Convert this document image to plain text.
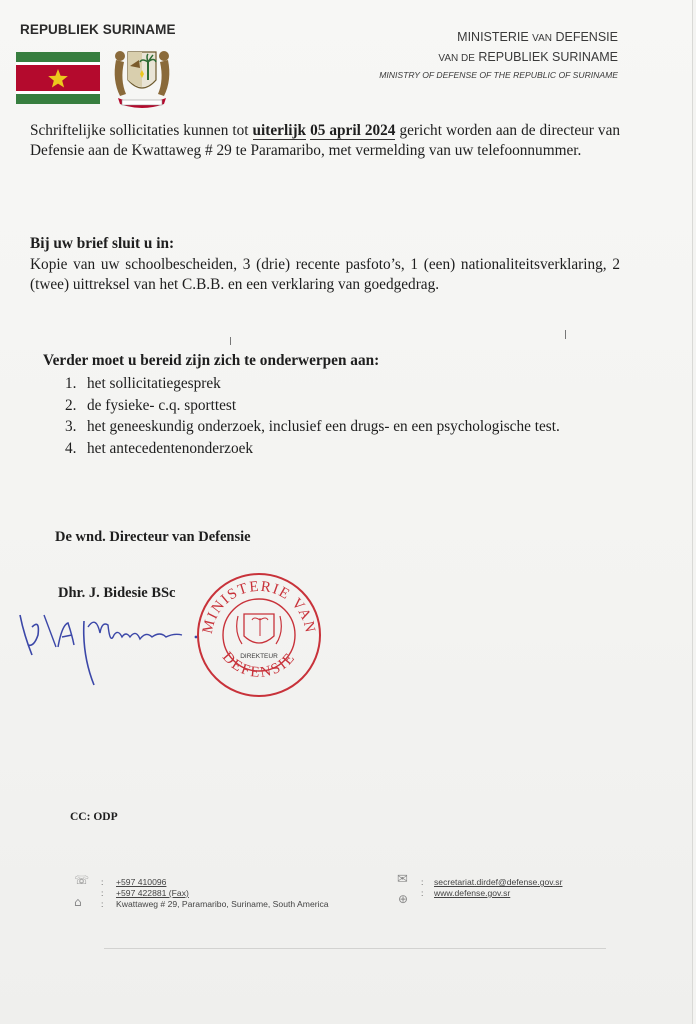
REPUBLIEK SURINAME	MINISTERIE VAN DEFENSIE
VAN DE REPUBLIEK SURINAME
MINISTRY OF DEFENSE OF THE REPUBLIC OF SURINAME
Schriftelijke sollicitaties kunnen tot uiterlijk 05 april 2024 gericht worden aan de directeur van Defensie aan de Kwattaweg # 29 te Paramaribo, met vermelding van uw telefoonnummer.
Bij uw brief sluit u in:
Kopie van uw schoolbescheiden, 3 (drie) recente pasfoto’s, 1 (een) nationaliteitsverklaring, 2 (twee) uittreksel van het C.B.B. en een verklaring van goedgedrag.
Verder moet u bereid zijn zich te onderwerpen aan:
1. het sollicitatiegesprek
2. de fysieke- c.q. sporttest
3. het geneeskundig onderzoek, inclusief een drugs- en een psychologische test.
4. het antecedentenonderzoek
De wnd. Directeur van Defensie
Dhr. J. Bidesie BSc
MINISTERIE VAN
DEFENSIE
DIREKTEUR
CC: ODP
☏ :
:
:
⌂
+597 410096
+597 422881 (Fax)
Kwattaweg # 29, Paramaribo, Suriname, South America
✉ :
⊕ :
secretariat.dirdef@defense.gov.sr
www.defense.gov.sr
